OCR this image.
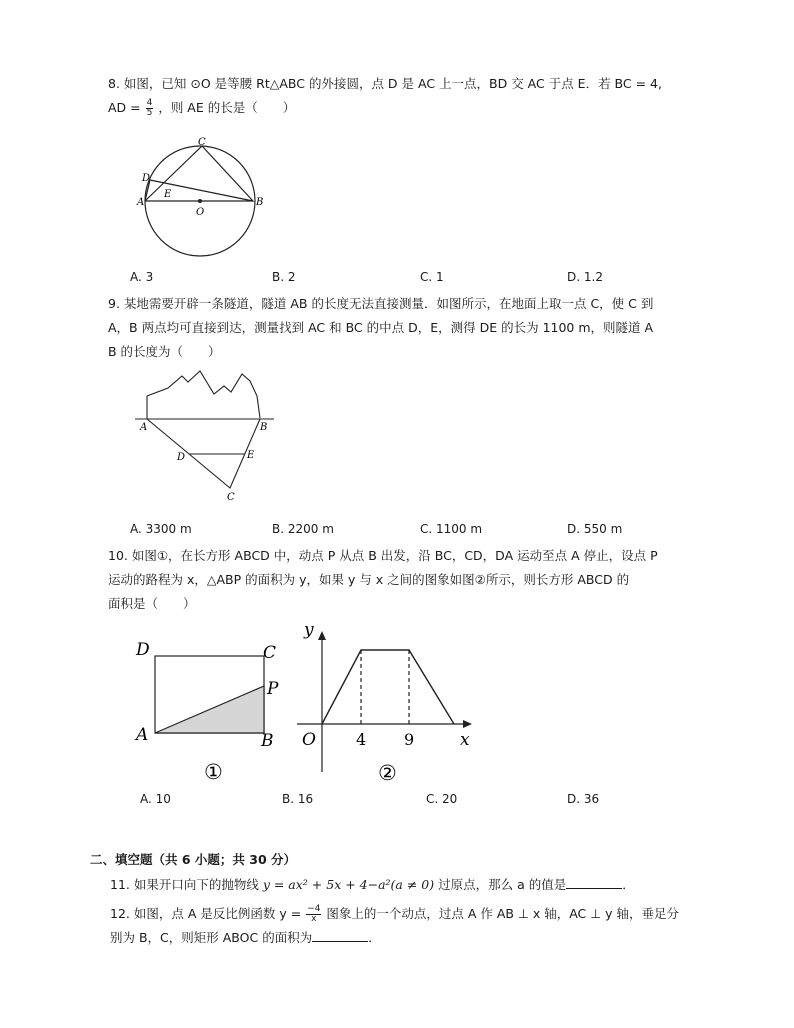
8. 如图，已知 ⊙O 是等腰 Rt△ABC 的外接圆，点 D 是 AC 上一点，BD 交 AC 于点 E．若 BC = 4,
AD = $\frac{4}{5}$ ，则 AE 的长是（　　）
C
D
E
A
O
B
A. 3	B. 2	C. 1	D. 1.2
9. 某地需要开辟一条隧道，隧道 AB 的长度无法直接测量．如图所示，在地面上取一点 C，使 C 到
A，B 两点均可直接到达，测量找到 AC 和 BC 的中点 D，E，测得 DE 的长为 1100 m，则隧道 A
B 的长度为（　　）
A	B
D	E
C
A. 3300 m	B. 2200 m	C. 1100 m	D. 550 m
10. 如图①，在长方形 ABCD 中，动点 P 从点 B 出发，沿 BC，CD，DA 运动至点 A 停止，设点 P
运动的路程为 x，△ABP 的面积为 y，如果 y 与 x 之间的图象如图②所示，则长方形 ABCD 的
面积是（　　）
D	C
P
A	B
①
y
x
O	4 9
②
A. 10	B. 16	C. 20	D. 36
二、填空题（共 6 小题；共 30 分）
11. 如果开口向下的抛物线 y = ax² + 5x + 4−a²(a ≠ 0) 过原点，那么 a 的值是	．
12. 如图，点 A 是反比例函数 $y = \frac{-4}{x}$ 图象上的一个动点，过点 A 作 AB ⊥ x 轴，AC ⊥ y 轴，垂足分
别为 B，C，则矩形 ABOC 的面积为	．
